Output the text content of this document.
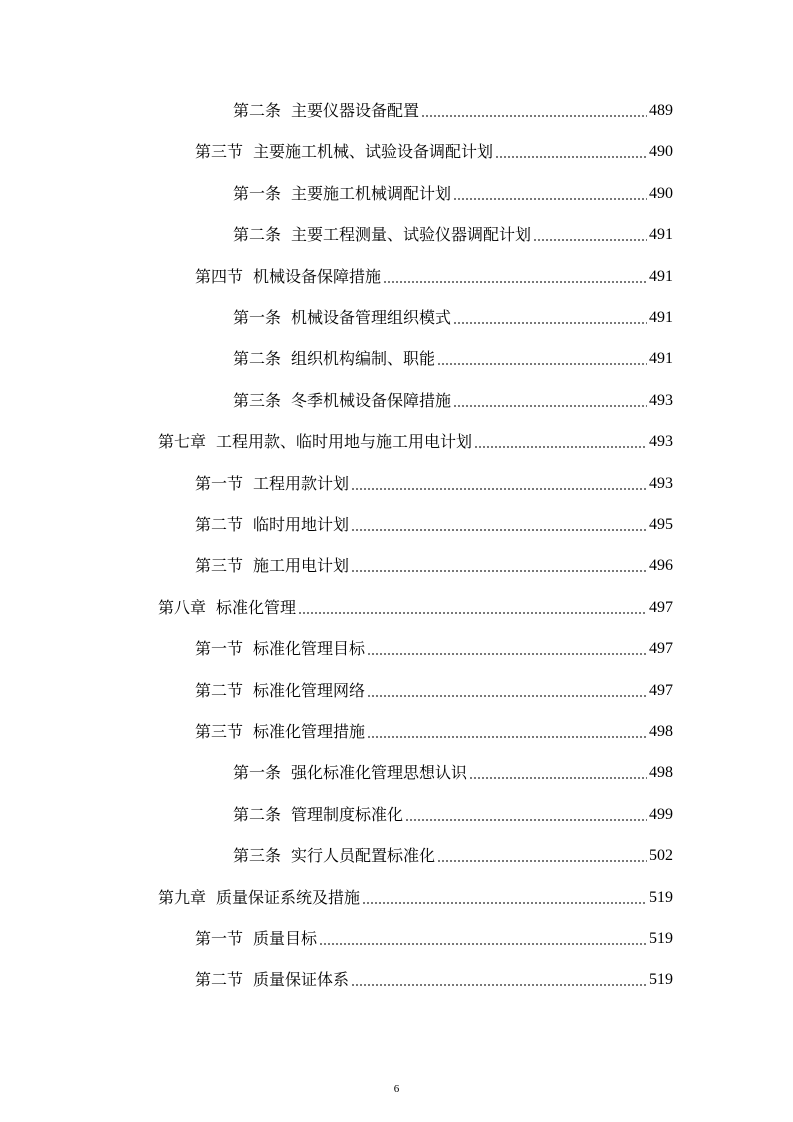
第二条 主要仪器设备配置	489
第三节 主要施工机械、试验设备调配计划	490
第一条 主要施工机械调配计划	490
第二条 主要工程测量、试验仪器调配计划	491
第四节 机械设备保障措施	491
第一条 机械设备管理组织模式	491
第二条 组织机构编制、职能	491
第三条 冬季机械设备保障措施	493
第七章 工程用款、临时用地与施工用电计划	493
第一节 工程用款计划	493
第二节 临时用地计划	495
第三节 施工用电计划	496
第八章 标准化管理	497
第一节 标准化管理目标	497
第二节 标准化管理网络	497
第三节 标准化管理措施	498
第一条 强化标准化管理思想认识	498
第二条 管理制度标准化	499
第三条 实行人员配置标准化	502
第九章 质量保证系统及措施	519
第一节 质量目标	519
第二节 质量保证体系	519
6
